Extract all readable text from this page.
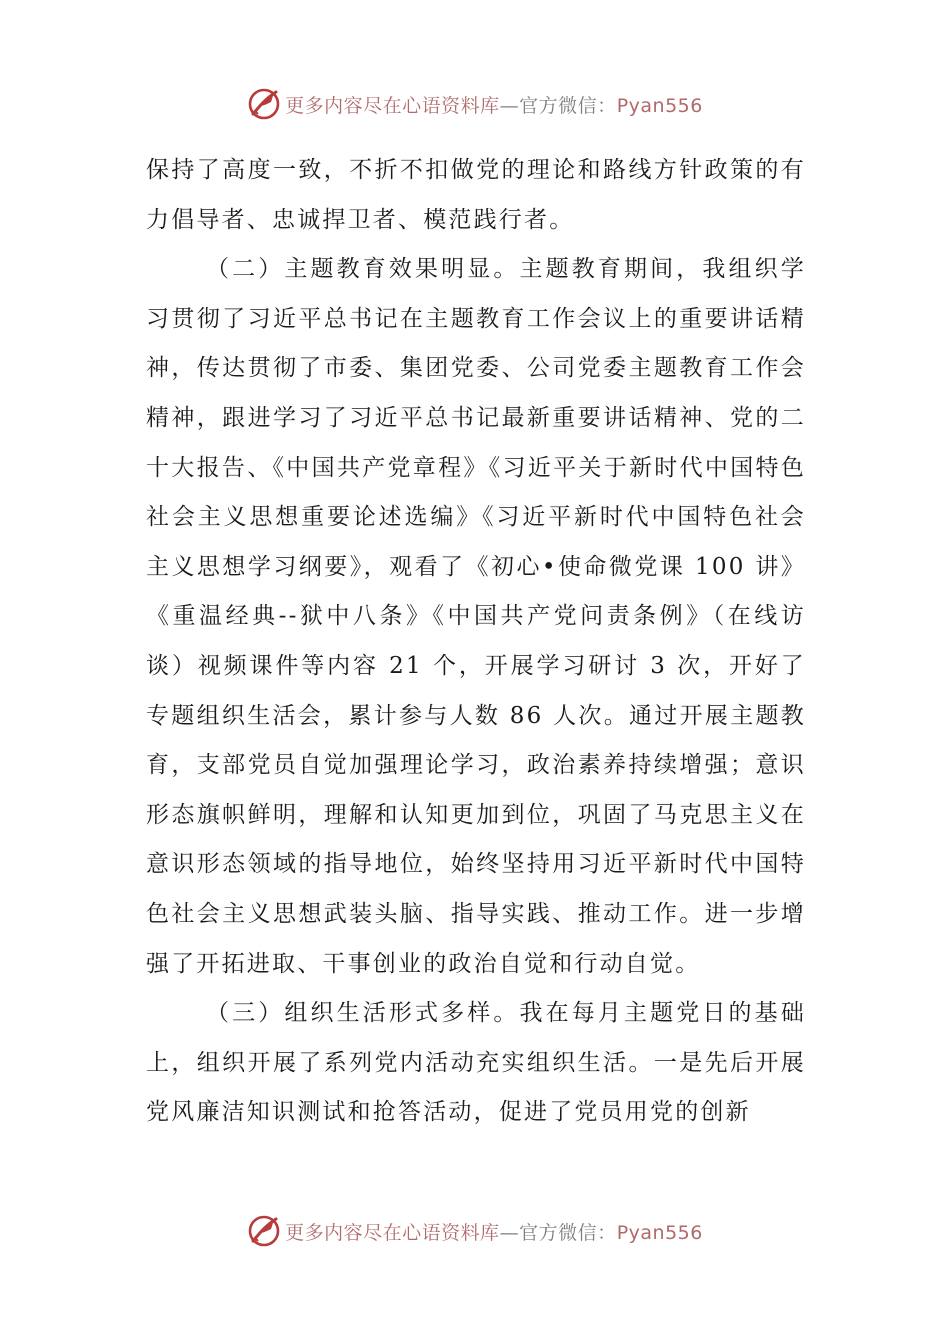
更多内容尽在心语资料库—官方微信：Pyan556

保持了高度一致，不折不扣做党的理论和路线方针政策的有力倡导者、忠诚捍卫者、模范践行者。

（二）主题教育效果明显。主题教育期间，我组织学习贯彻了习近平总书记在主题教育工作会议上的重要讲话精神，传达贯彻了市委、集团党委、公司党委主题教育工作会精神，跟进学习了习近平总书记最新重要讲话精神、党的二十大报告、《中国共产党章程》《习近平关于新时代中国特色社会主义思想重要论述选编》《习近平新时代中国特色社会主义思想学习纲要》，观看了《初心•使命微党课 100 讲》《重温经典--狱中八条》《中国共产党问责条例》（在线访谈）视频课件等内容 21 个，开展学习研讨 3 次，开好了专题组织生活会，累计参与人数 86 人次。通过开展主题教育，支部党员自觉加强理论学习，政治素养持续增强；意识形态旗帜鲜明，理解和认知更加到位，巩固了马克思主义在意识形态领域的指导地位，始终坚持用习近平新时代中国特色社会主义思想武装头脑、指导实践、推动工作。进一步增强了开拓进取、干事创业的政治自觉和行动自觉。

（三）组织生活形式多样。我在每月主题党日的基础上，组织开展了系列党内活动充实组织生活。一是先后开展党风廉洁知识测试和抢答活动，促进了党员用党的创新

更多内容尽在心语资料库—官方微信：Pyan556
